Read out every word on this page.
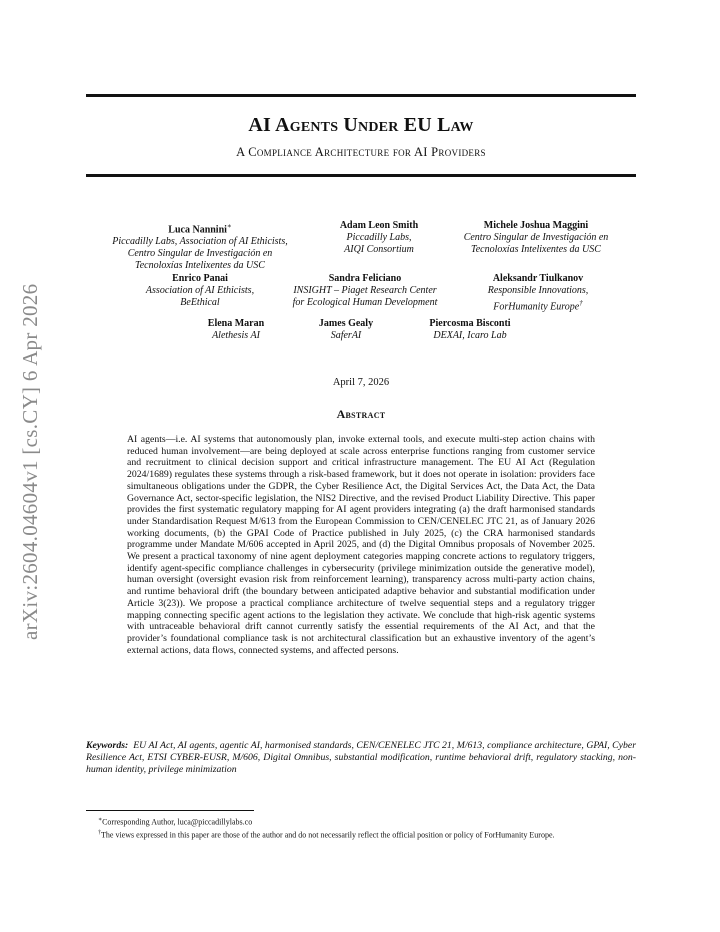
arXiv:2604.04604v1 [cs.CY] 6 Apr 2026
AI Agents Under EU Law
A Compliance Architecture for AI Providers
Luca Nannini∗
Piccadilly Labs, Association of AI Ethicists,
Centro Singular de Investigación en
Tecnoloxías Intelixentes da USC
Adam Leon Smith
Piccadilly Labs,
AIQI Consortium
Michele Joshua Maggini
Centro Singular de Investigación en
Tecnoloxías Intelixentes da USC
Enrico Panai
Association of AI Ethicists,
BeEthical
Sandra Feliciano
INSIGHT – Piaget Research Center
for Ecological Human Development
Aleksandr Tiulkanov
Responsible Innovations,
ForHumanity Europe†
Elena Maran
Alethesis AI
James Gealy
SaferAI
Piercosma Bisconti
DEXAI, Icaro Lab
April 7, 2026
Abstract
AI agents—i.e. AI systems that autonomously plan, invoke external tools, and execute multi-step action chains with reduced human involvement—are being deployed at scale across enterprise functions ranging from customer service and recruitment to clinical decision support and critical infrastructure management. The EU AI Act (Regulation 2024/1689) regulates these systems through a risk-based framework, but it does not operate in isolation: providers face simultaneous obligations under the GDPR, the Cyber Resilience Act, the Digital Services Act, the Data Act, the Data Governance Act, sector-specific legislation, the NIS2 Directive, and the revised Product Liability Directive. This paper provides the first systematic regulatory mapping for AI agent providers integrating (a) the draft harmonised standards under Standardisation Request M/613 from the European Commission to CEN/CENELEC JTC 21, as of January 2026 working documents, (b) the GPAI Code of Practice published in July 2025, (c) the CRA harmonised standards programme under Mandate M/606 accepted in April 2025, and (d) the Digital Omnibus proposals of November 2025. We present a practical taxonomy of nine agent deployment categories mapping concrete actions to regulatory triggers, identify agent-specific compliance challenges in cybersecurity (privilege minimization outside the generative model), human oversight (oversight evasion risk from reinforcement learning), transparency across multi-party action chains, and runtime behavioral drift (the boundary between anticipated adaptive behavior and substantial modification under Article 3(23)). We propose a practical compliance architecture of twelve sequential steps and a regulatory trigger mapping connecting specific agent actions to the legislation they activate. We conclude that high-risk agentic systems with untraceable behavioral drift cannot currently satisfy the essential requirements of the AI Act, and that the provider’s foundational compliance task is not architectural classification but an exhaustive inventory of the agent’s external actions, data flows, connected systems, and affected persons.
Keywords: EU AI Act, AI agents, agentic AI, harmonised standards, CEN/CENELEC JTC 21, M/613, compliance architecture, GPAI, Cyber Resilience Act, ETSI CYBER-EUSR, M/606, Digital Omnibus, substantial modification, runtime behavioral drift, regulatory stacking, non-human identity, privilege minimization
∗Corresponding Author, luca@piccadillylabs.co
†The views expressed in this paper are those of the author and do not necessarily reflect the official position or policy of ForHumanity Europe.
